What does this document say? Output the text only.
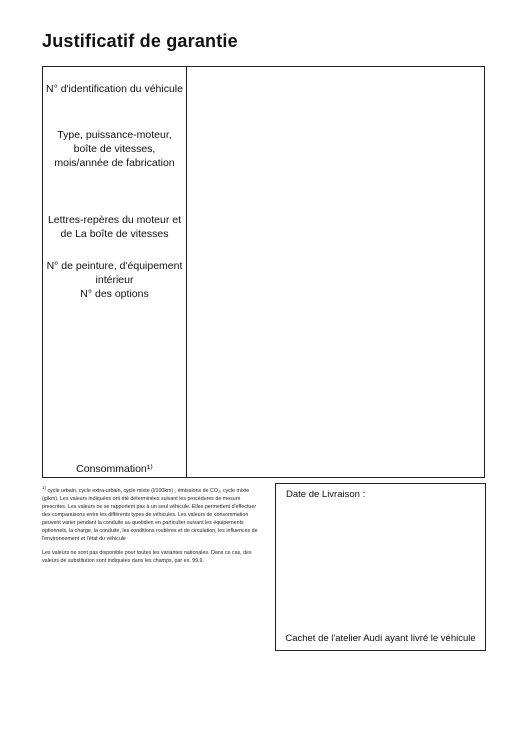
Justificatif de garantie
N° d'identification du véhicule
Type, puissance-moteur,
boîte de vitesses,
mois/année de fabrication
Lettres-repères du moteur et
de La boîte de vitesses
N° de peinture, d'équipement
intérieur
N° des options
Consommation¹⁾

$^{1)}$ cycle urbain, cycle extra-urbain, cycle mixte (l/100km) ; émissions de CO₂, cycle mixte (g/km). Les valeurs indiquées ont été déterminées suivant les procédures de mesure prescrites. Les valeurs ne se rapportent pas à un seul véhicule. Elles permettent d'effectuer des comparaisons entre les différents types de véhicules. Les valeurs de consommation peuvent varier pendant la conduite au quotidien en particulier suivant les équipements optionnels, la charge, la conduite, les conditions routières et de circulation, les influences de l'environnement et l'état du véhicule

Les valeurs ne sont pas disponible pour toutes les variantes nationales. Dans ce cas, des valeurs de substitution sont indiquées dans les champs, par ex. 99.9.

Date de Livraison :
Cachet de l'atelier Audi ayant livré le véhicule
